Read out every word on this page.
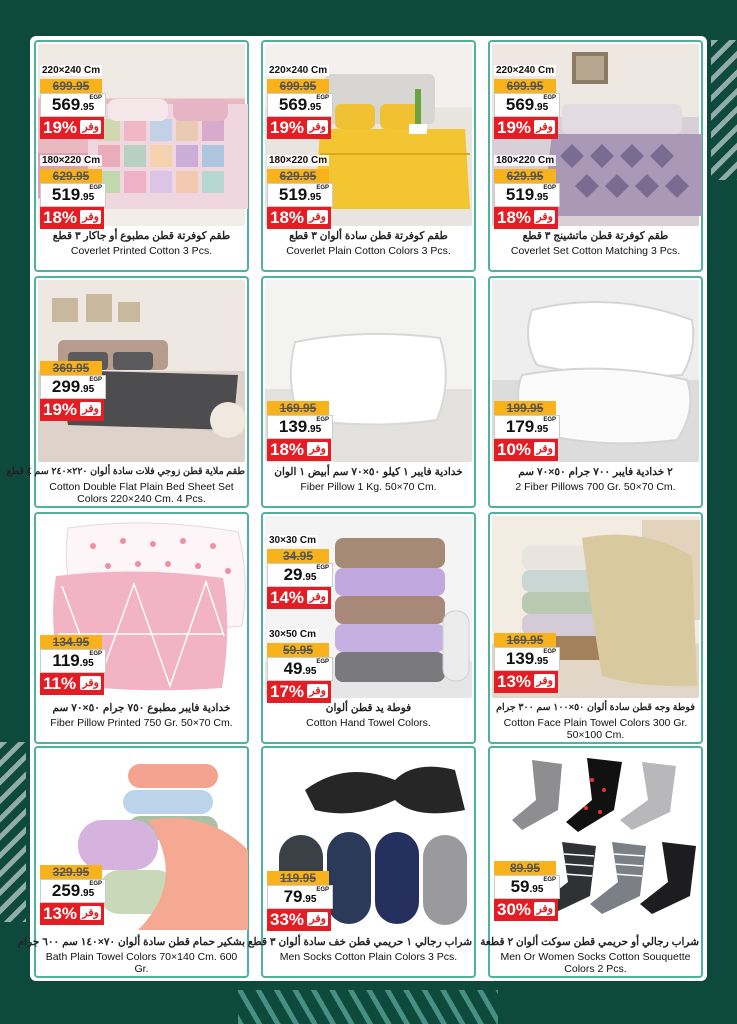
220×240 Cm
699.95
569.95
EGP
19% وفر
180×220 Cm
629.95
519.95
EGP
18% وفر
طقم كوفرتة قطن مطبوع أو جاكار ٣ قطع
Coverlet Printed Cotton 3 Pcs.
220×240 Cm
699.95
569.95
EGP
19% وفر
180×220 Cm
629.95
519.95
EGP
18% وفر
طقم كوفرتة قطن سادة ألوان ٣ قطع
Coverlet Plain Cotton Colors 3 Pcs.
220×240 Cm
699.95
569.95
EGP
19% وفر
180×220 Cm
629.95
519.95
EGP
18% وفر
طقم كوفرتة قطن ماتشينج ٣ قطع
Coverlet Set Cotton Matching 3 Pcs.
369.95
299.95
EGP
19% وفر
طقم ملاية قطن زوجي فلات سادة ألوان ٢٢٠×٢٤٠ سم ٤ قطع
Cotton Double Flat Plain Bed Sheet Set Colors 220×240 Cm. 4 Pcs.
169.95
139.95
EGP
18% وفر
خدادية فايبر ١ كيلو ٥٠×٧٠ سم أبيض ١ الوان
Fiber Pillow 1 Kg. 50×70 Cm.
199.95
179.95
EGP
10% وفر
٢ خدادية فايبر ٧٠٠ جرام ٥٠×٧٠ سم
2 Fiber Pillows 700 Gr. 50×70 Cm.
134.95
119.95
EGP
11% وفر
خدادية فايبر مطبوع ٧٥٠ جرام ٥٠×٧٠ سم
Fiber Pillow Printed 750 Gr. 50×70 Cm.
30×30 Cm
34.95
29.95
EGP
14% وفر
30×50 Cm
59.95
49.95
EGP
17% وفر
فوطة يد قطن ألوان
Cotton Hand Towel Colors.
169.95
139.95
EGP
13% وفر
فوطة وجه قطن سادة ألوان ٥٠×١٠٠ سم ٣٠٠ جرام
Cotton Face Plain Towel Colors 300 Gr. 50×100 Cm.
329.95
259.95
EGP
13% وفر
بشكير حمام قطن سادة ألوان ٧٠×١٤٠ سم ٦٠٠ جرام
Bath Plain Towel Colors 70×140 Cm. 600 Gr.
119.95
79.95
EGP
33% وفر
شراب رجالي ١ حريمي قطن خف سادة ألوان ٣ قطع
Men Socks Cotton Plain Colors 3 Pcs.
89.95
59.95
EGP
30% وفر
شراب رجالي أو حريمي قطن سوكت ألوان ٢ قطعة
Men Or Women Socks Cotton Souquette Colors 2 Pcs.
